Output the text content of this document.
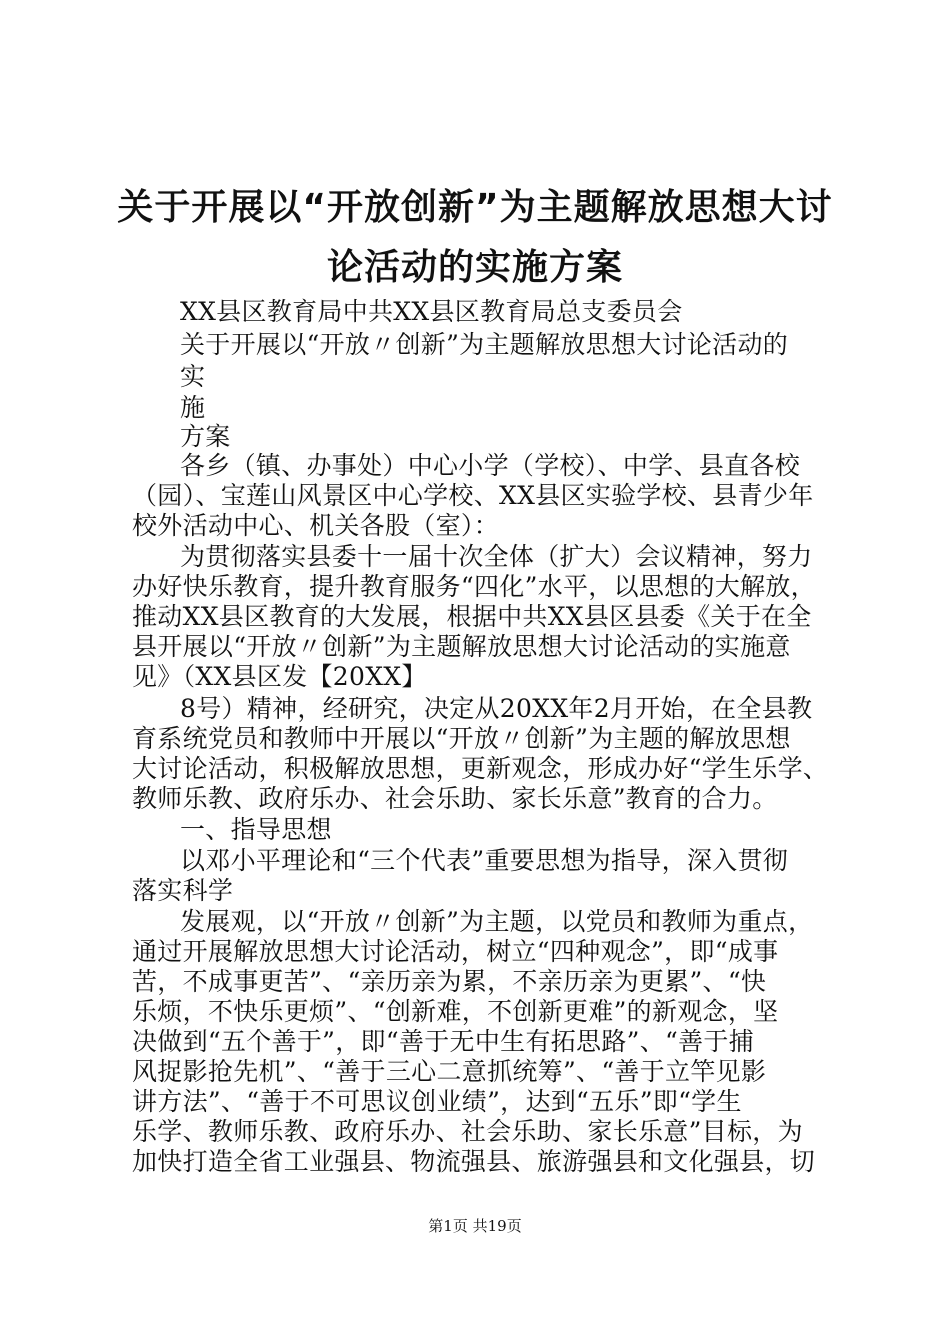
关于开展以“开放创新”为主题解放思想大讨
论活动的实施方案
XX县区教育局中共XX县区教育局总支委员会
关于开展以“开放〃创新”为主题解放思想大讨论活动的
实
施
方案
各乡（镇、办事处）中心小学（学校）、中学、县直各校
（园）、宝莲山风景区中心学校、XX县区实验学校、县青少年
校外活动中心、机关各股（室）：
为贯彻落实县委十一届十次全体（扩大）会议精神，努力
办好快乐教育，提升教育服务“四化”水平，以思想的大解放，
推动XX县区教育的大发展，根据中共XX县区县委《关于在全
县开展以“开放〃创新”为主题解放思想大讨论活动的实施意
见》（XX县区发【20XX】
8号）精神，经研究，决定从20XX年2月开始，在全县教
育系统党员和教师中开展以“开放〃创新”为主题的解放思想
大讨论活动，积极解放思想，更新观念，形成办好“学生乐学、
教师乐教、政府乐办、社会乐助、家长乐意”教育的合力。
一、指导思想
以邓小平理论和“三个代表”重要思想为指导，深入贯彻
落实科学
发展观，以“开放〃创新”为主题，以党员和教师为重点，
通过开展解放思想大讨论活动，树立“四种观念”，即“成事
苦，不成事更苦”、“亲历亲为累，不亲历亲为更累”、“快
乐烦，不快乐更烦”、“创新难，不创新更难”的新观念，坚
决做到“五个善于”，即“善于无中生有拓思路”、“善于捕
风捉影抢先机”、“善于三心二意抓统筹”、“善于立竿见影
讲方法”、“善于不可思议创业绩”，达到“五乐”即“学生
乐学、教师乐教、政府乐办、社会乐助、家长乐意”目标，为
加快打造全省工业强县、物流强县、旅游强县和文化强县，切
第1页 共19页
